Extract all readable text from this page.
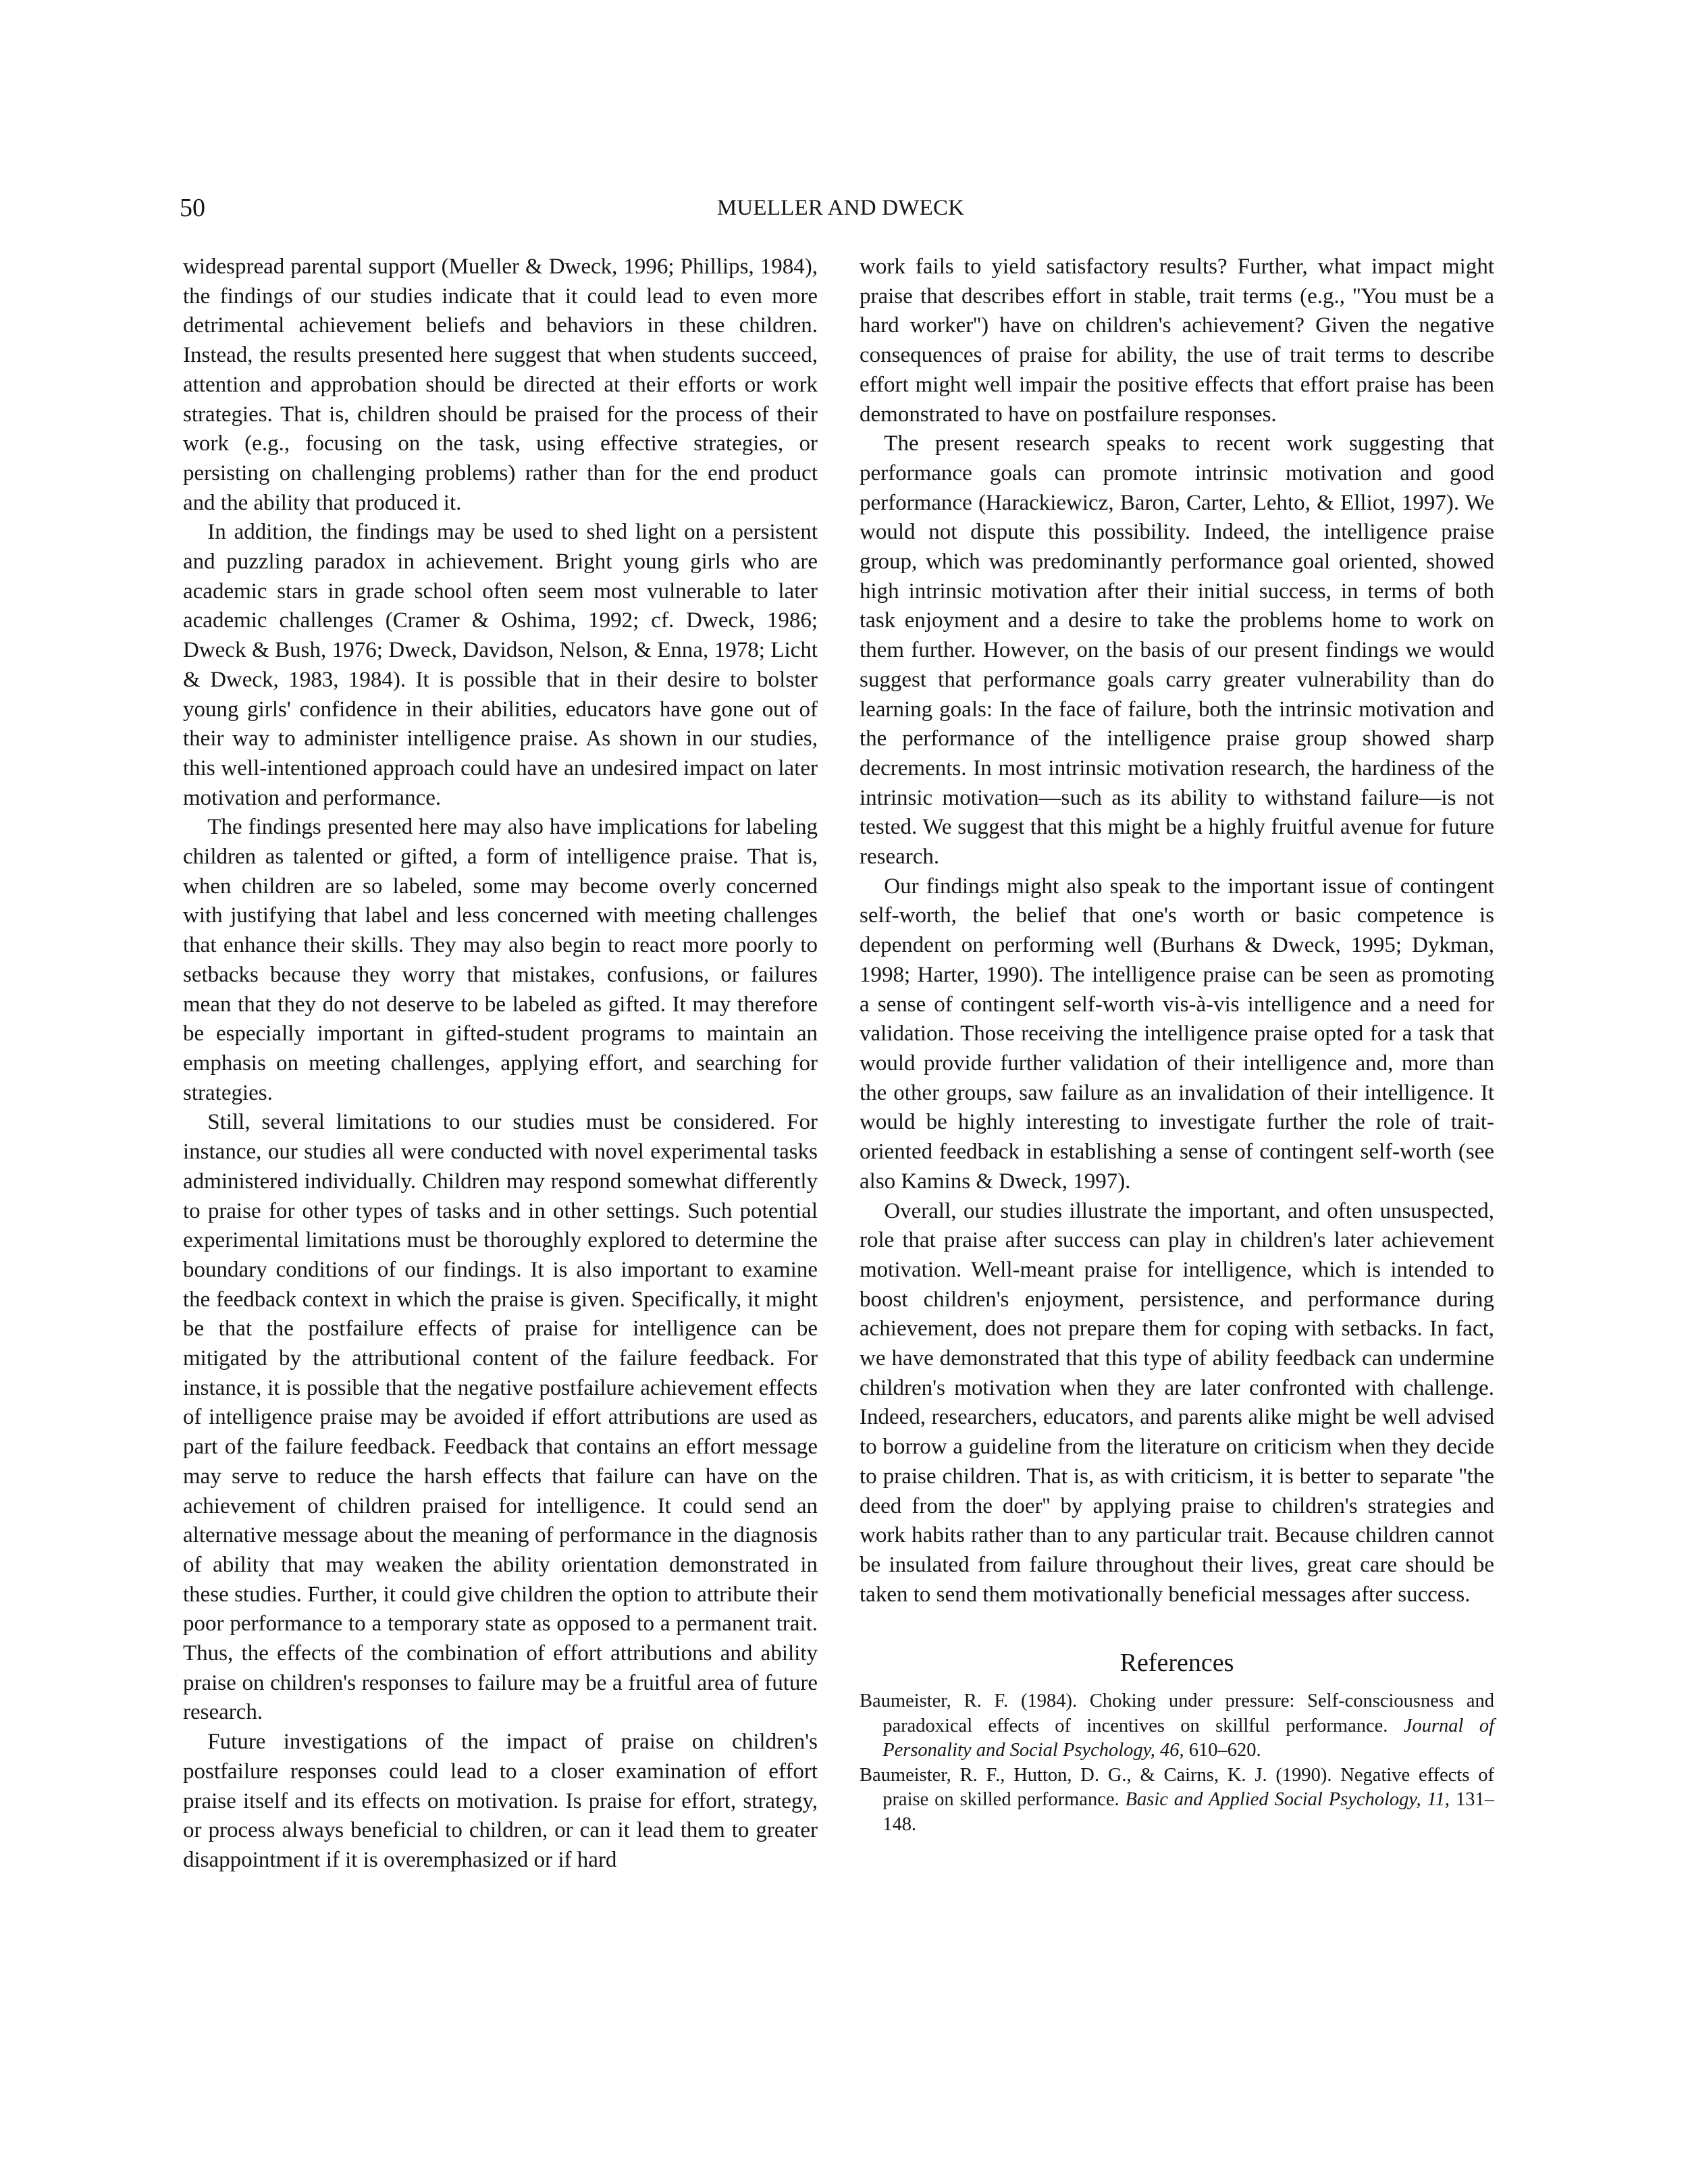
50	MUELLER AND DWECK

widespread parental support (Mueller & Dweck, 1996; Phillips, 1984), the findings of our studies indicate that it could lead to even more detrimental achievement beliefs and behaviors in these children. Instead, the results presented here suggest that when students succeed, attention and approbation should be directed at their efforts or work strategies. That is, children should be praised for the process of their work (e.g., focusing on the task, using effective strategies, or persisting on challenging problems) rather than for the end product and the ability that produced it.

In addition, the findings may be used to shed light on a persistent and puzzling paradox in achievement. Bright young girls who are academic stars in grade school often seem most vulnerable to later academic challenges (Cramer & Oshima, 1992; cf. Dweck, 1986; Dweck & Bush, 1976; Dweck, Davidson, Nelson, & Enna, 1978; Licht & Dweck, 1983, 1984). It is possible that in their desire to bolster young girls' confidence in their abilities, educators have gone out of their way to administer intelligence praise. As shown in our studies, this well-intentioned approach could have an undesired impact on later motivation and performance.

The findings presented here may also have implications for labeling children as talented or gifted, a form of intelligence praise. That is, when children are so labeled, some may become overly concerned with justifying that label and less concerned with meeting challenges that enhance their skills. They may also begin to react more poorly to setbacks because they worry that mistakes, confusions, or failures mean that they do not deserve to be labeled as gifted. It may therefore be especially important in gifted-student programs to maintain an emphasis on meeting challenges, applying effort, and searching for strategies.

Still, several limitations to our studies must be considered. For instance, our studies all were conducted with novel experimental tasks administered individually. Children may respond somewhat differently to praise for other types of tasks and in other settings. Such potential experimental limitations must be thoroughly explored to determine the boundary conditions of our findings. It is also important to examine the feedback context in which the praise is given. Specifically, it might be that the postfailure effects of praise for intelligence can be mitigated by the attributional content of the failure feedback. For instance, it is possible that the negative postfailure achievement effects of intelligence praise may be avoided if effort attributions are used as part of the failure feedback. Feedback that contains an effort message may serve to reduce the harsh effects that failure can have on the achievement of children praised for intelligence. It could send an alternative message about the meaning of performance in the diagnosis of ability that may weaken the ability orientation demonstrated in these studies. Further, it could give children the option to attribute their poor performance to a temporary state as opposed to a permanent trait. Thus, the effects of the combination of effort attributions and ability praise on children's responses to failure may be a fruitful area of future research.

Future investigations of the impact of praise on children's postfailure responses could lead to a closer examination of effort praise itself and its effects on motivation. Is praise for effort, strategy, or process always beneficial to children, or can it lead them to greater disappointment if it is overemphasized or if hard

work fails to yield satisfactory results? Further, what impact might praise that describes effort in stable, trait terms (e.g., ''You must be a hard worker'') have on children's achievement? Given the negative consequences of praise for ability, the use of trait terms to describe effort might well impair the positive effects that effort praise has been demonstrated to have on postfailure responses.

The present research speaks to recent work suggesting that performance goals can promote intrinsic motivation and good performance (Harackiewicz, Baron, Carter, Lehto, & Elliot, 1997). We would not dispute this possibility. Indeed, the intelligence praise group, which was predominantly performance goal oriented, showed high intrinsic motivation after their initial success, in terms of both task enjoyment and a desire to take the problems home to work on them further. However, on the basis of our present findings we would suggest that performance goals carry greater vulnerability than do learning goals: In the face of failure, both the intrinsic motivation and the performance of the intelligence praise group showed sharp decrements. In most intrinsic motivation research, the hardiness of the intrinsic motivation—such as its ability to withstand failure—is not tested. We suggest that this might be a highly fruitful avenue for future research.

Our findings might also speak to the important issue of contingent self-worth, the belief that one's worth or basic competence is dependent on performing well (Burhans & Dweck, 1995; Dykman, 1998; Harter, 1990). The intelligence praise can be seen as promoting a sense of contingent self-worth vis-à-vis intelligence and a need for validation. Those receiving the intelligence praise opted for a task that would provide further validation of their intelligence and, more than the other groups, saw failure as an invalidation of their intelligence. It would be highly interesting to investigate further the role of trait-oriented feedback in establishing a sense of contingent self-worth (see also Kamins & Dweck, 1997).

Overall, our studies illustrate the important, and often unsuspected, role that praise after success can play in children's later achievement motivation. Well-meant praise for intelligence, which is intended to boost children's enjoyment, persistence, and performance during achievement, does not prepare them for coping with setbacks. In fact, we have demonstrated that this type of ability feedback can undermine children's motivation when they are later confronted with challenge. Indeed, researchers, educators, and parents alike might be well advised to borrow a guideline from the literature on criticism when they decide to praise children. That is, as with criticism, it is better to separate ''the deed from the doer'' by applying praise to children's strategies and work habits rather than to any particular trait. Because children cannot be insulated from failure throughout their lives, great care should be taken to send them motivationally beneficial messages after success.

References

Baumeister, R. F. (1984). Choking under pressure: Self-consciousness and paradoxical effects of incentives on skillful performance. Journal of Personality and Social Psychology, 46, 610–620.

Baumeister, R. F., Hutton, D. G., & Cairns, K. J. (1990). Negative effects of praise on skilled performance. Basic and Applied Social Psychology, 11, 131–148.
